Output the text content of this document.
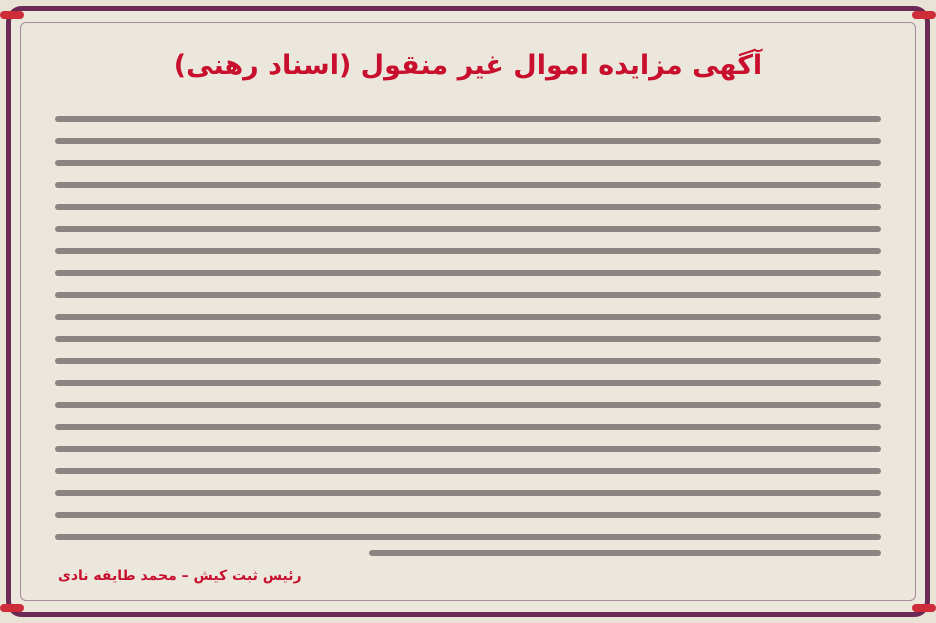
آگهی مزایده اموال غیر منقول (اسناد رهنی)
رئیس ثبت کیش – محمد طایفه نادی
